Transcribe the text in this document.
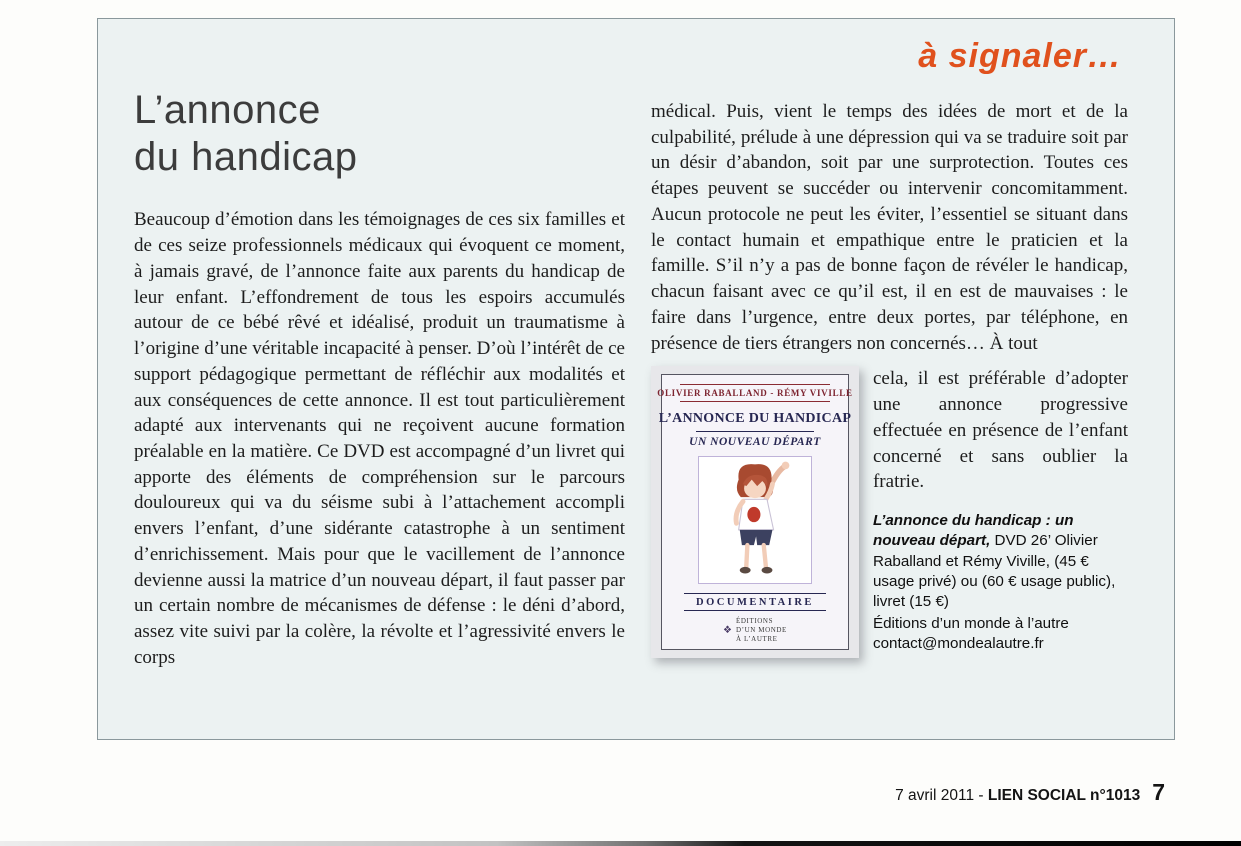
à signaler…
L’annonce
du handicap

Beaucoup d’émotion dans les témoignages de ces six familles et de ces seize professionnels médicaux qui évoquent ce moment, à jamais gravé, de l’annonce faite aux parents du handicap de leur enfant. L’effondrement de tous les espoirs accumulés autour de ce bébé rêvé et idéalisé, produit un traumatisme à l’origine d’une véritable incapacité à penser. D’où l’intérêt de ce support pédagogique permettant de réfléchir aux modalités et aux conséquences de cette annonce. Il est tout particulièrement adapté aux intervenants qui ne reçoivent aucune formation préalable en la matière. Ce DVD est accompagné d’un livret qui apporte des éléments de compréhension sur le parcours douloureux qui va du séisme subi à l’attachement accompli envers l’enfant, d’une sidérante catastrophe à un sentiment d’enrichissement. Mais pour que le vacillement de l’annonce devienne aussi la matrice d’un nouveau départ, il faut passer par un certain nombre de mécanismes de défense : le déni d’abord, assez vite suivi par la colère, la révolte et l’agressivité envers le corps

médical. Puis, vient le temps des idées de mort et de la culpabilité, prélude à une dépression qui va se traduire soit par un désir d’abandon, soit par une surprotection. Toutes ces étapes peuvent se succéder ou intervenir concomitamment. Aucun protocole ne peut les éviter, l’essentiel se situant dans le contact humain et empathique entre le praticien et la famille. S’il n’y a pas de bonne façon de révéler le handicap, chacun faisant avec ce qu’il est, il en est de mauvaises : le faire dans l’urgence, entre deux portes, par téléphone, en présence de tiers étrangers non concernés… À tout

OLIVIER RABALLAND - RÉMY VIVILLE
L’ANNONCE DU HANDICAP
UN NOUVEAU DÉPART
DOCUMENTAIRE
❖
ÉDITIONS
D’UN MONDE
À L’AUTRE

cela, il est préférable d’adopter une annonce progressive effectuée en présence de l’enfant concerné et sans oublier la fratrie.

L’annonce du handicap : un nouveau départ, DVD 26’ Olivier Raballand et Rémy Viville, (45 € usage privé) ou (60 € usage public), livret (15 €)

Éditions d’un monde à l’autre
contact@mondealautre.fr
7 avril 2011 - LIEN SOCIAL n°1013 7
